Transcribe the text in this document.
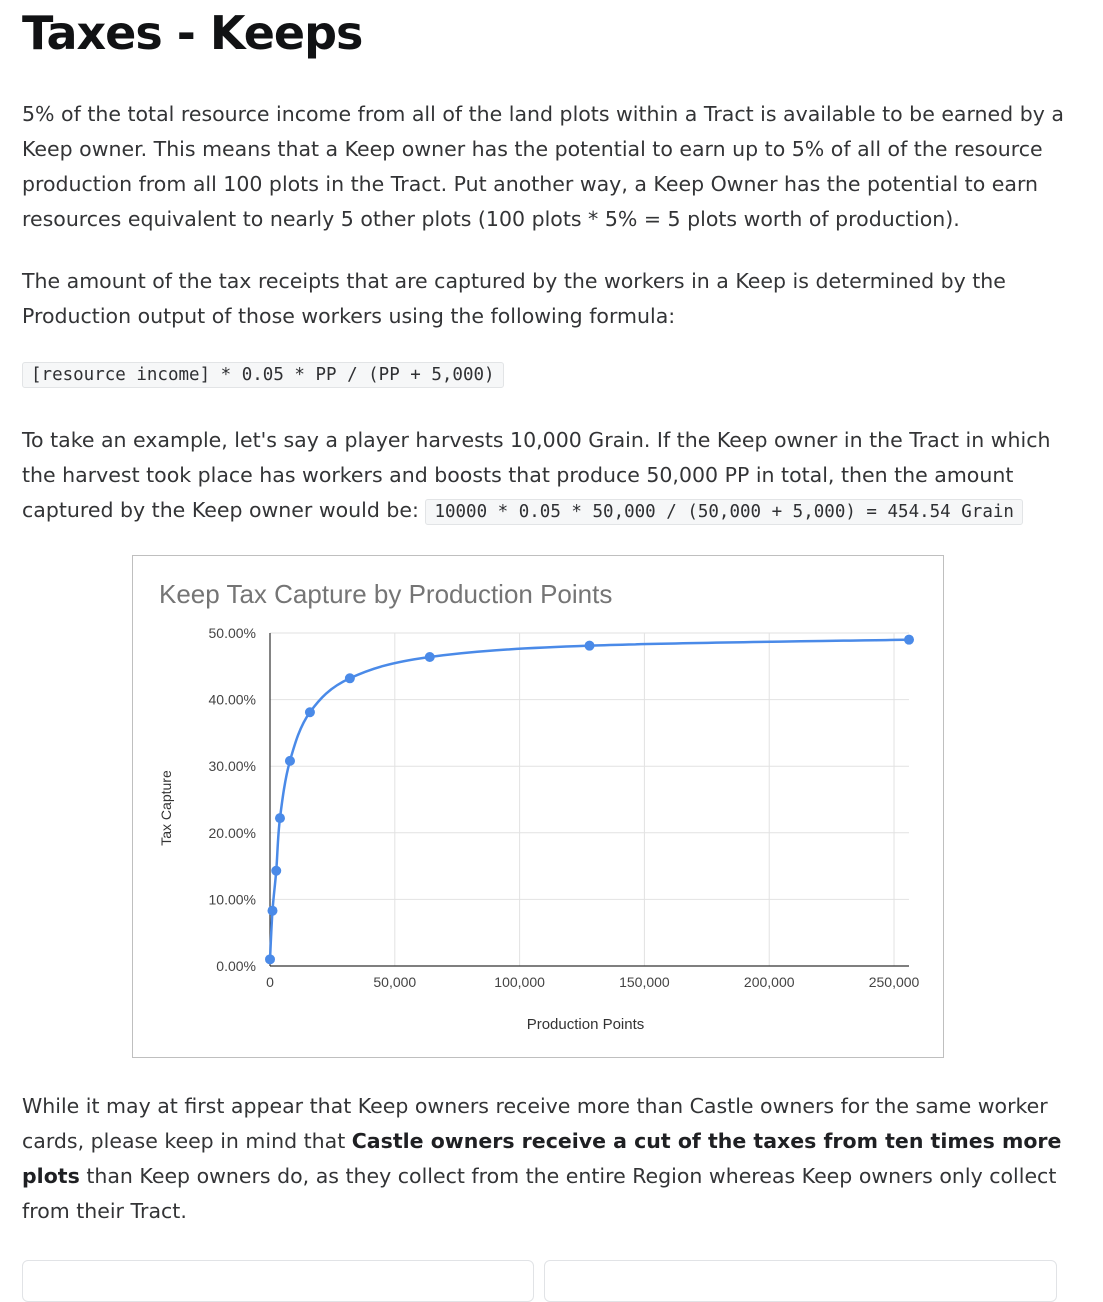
Taxes - Keeps

5% of the total resource income from all of the land plots within a Tract is available to be earned by a Keep owner. This means that a Keep owner has the potential to earn up to 5% of all of the resource production from all 100 plots in the Tract. Put another way, a Keep Owner has the potential to earn resources equivalent to nearly 5 other plots (100 plots * 5% = 5 plots worth of production).

The amount of the tax receipts that are captured by the workers in a Keep is determined by the Production output of those workers using the following formula:

[resource income] * 0.05 * PP / (PP + 5,000)

To take an example, let's say a player harvests 10,000 Grain. If the Keep owner in the Tract in which the harvest took place has workers and boosts that produce 50,000 PP in total, then the amount captured by the Keep owner would be: 10000 * 0.05 * 50,000 / (50,000 + 5,000) = 454.54 Grain

Keep Tax Capture by Production Points
0.00%
10.00%
20.00%
30.00%
40.00%
50.00%
0	50,000	100,000	150,000	200,000	250,000
Production Points
Tax Capture

While it may at first appear that Keep owners receive more than Castle owners for the same worker cards, please keep in mind that Castle owners receive a cut of the taxes from ten times more plots than Keep owners do, as they collect from the entire Region whereas Keep owners only collect from their Tract.
